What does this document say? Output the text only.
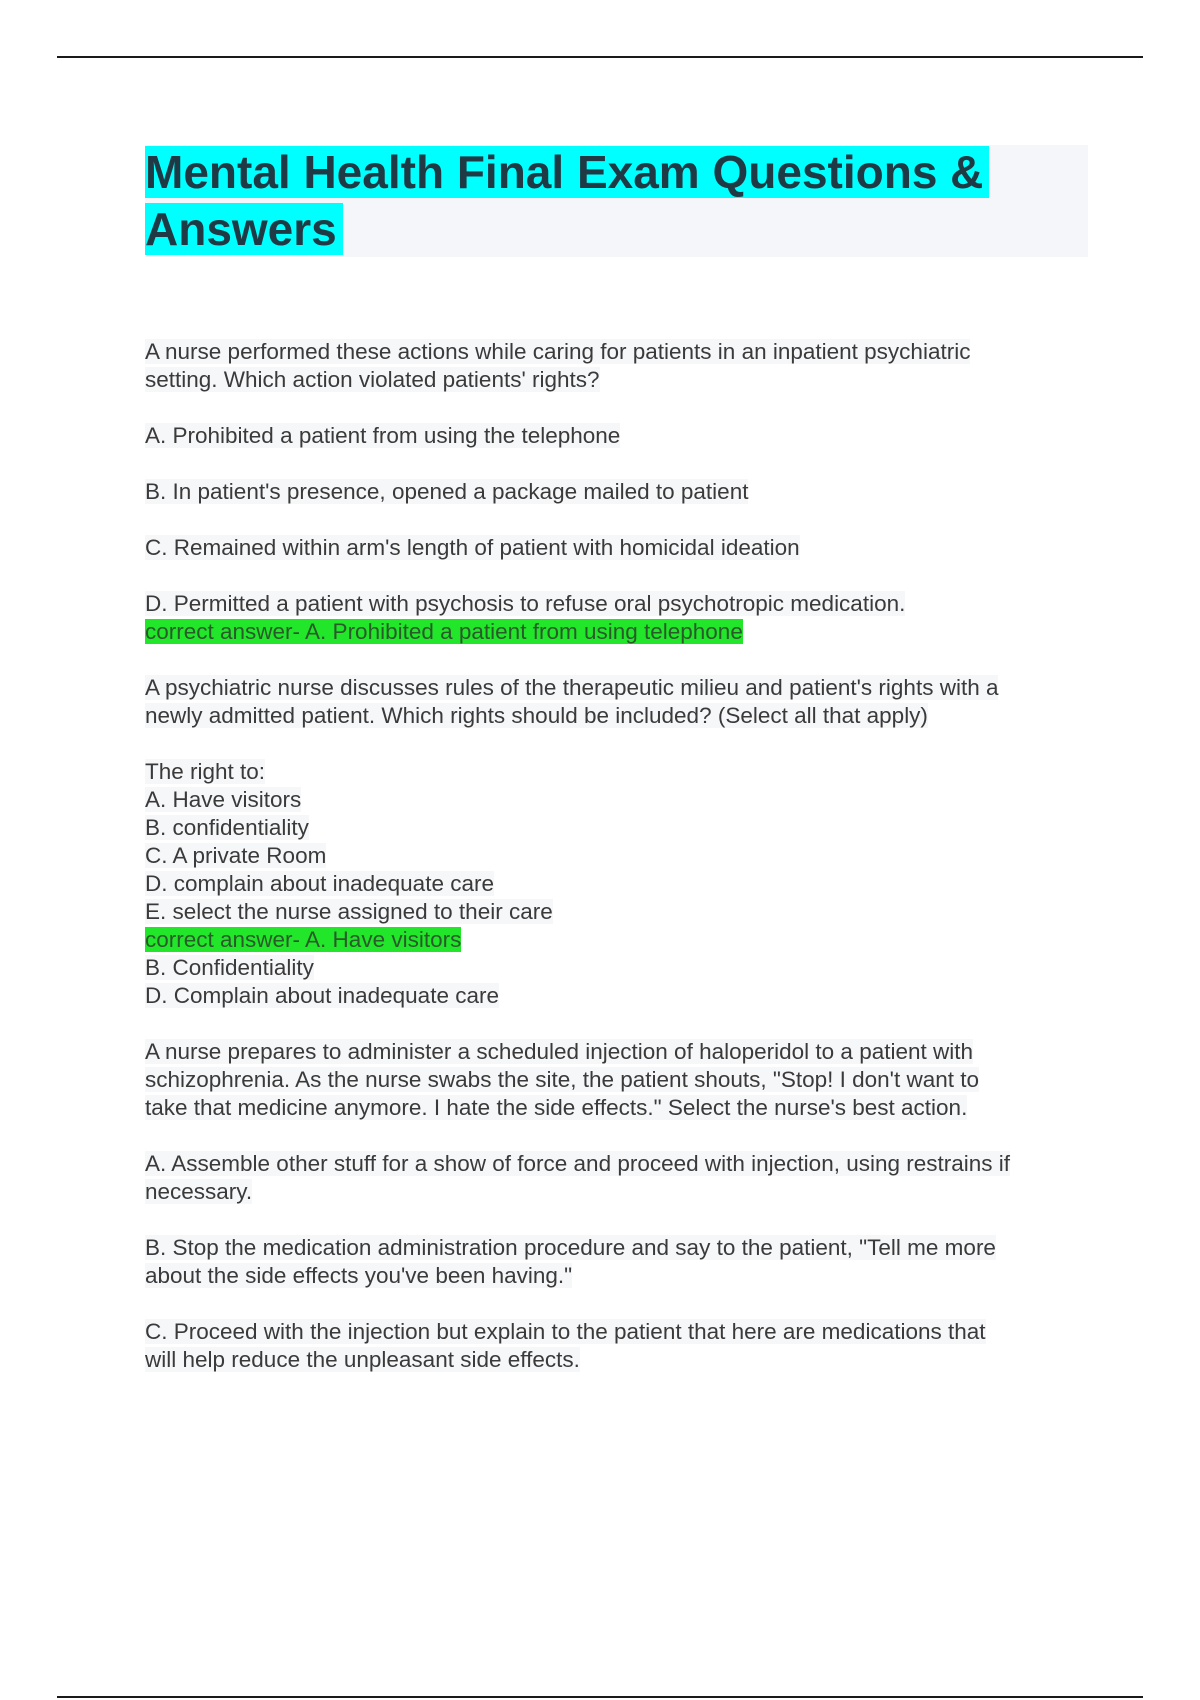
Mental Health Final Exam Questions &
Answers
A nurse performed these actions while caring for patients in an inpatient psychiatric
setting. Which action violated patients' rights?
A. Prohibited a patient from using the telephone
B. In patient's presence, opened a package mailed to patient
C. Remained within arm's length of patient with homicidal ideation
D. Permitted a patient with psychosis to refuse oral psychotropic medication.
correct answer- A. Prohibited a patient from using telephone
A psychiatric nurse discusses rules of the therapeutic milieu and patient's rights with a
newly admitted patient. Which rights should be included? (Select all that apply)
The right to:
A. Have visitors
B. confidentiality
C. A private Room
D. complain about inadequate care
E. select the nurse assigned to their care
correct answer- A. Have visitors
B. Confidentiality
D. Complain about inadequate care
A nurse prepares to administer a scheduled injection of haloperidol to a patient with
schizophrenia. As the nurse swabs the site, the patient shouts, "Stop! I don't want to
take that medicine anymore. I hate the side effects." Select the nurse's best action.
A. Assemble other stuff for a show of force and proceed with injection, using restrains if
necessary.
B. Stop the medication administration procedure and say to the patient, "Tell me more
about the side effects you've been having."
C. Proceed with the injection but explain to the patient that here are medications that
will help reduce the unpleasant side effects.
